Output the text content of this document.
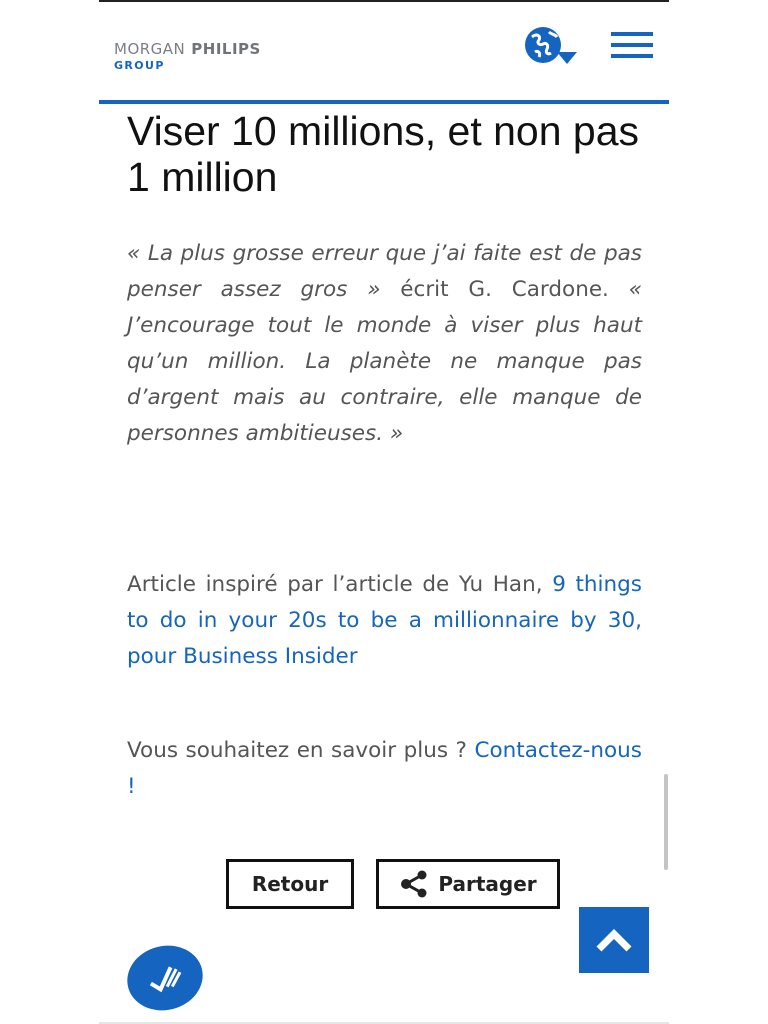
MORGAN PHILIPS
GROUP
Viser 10 millions, et non pas 1 million

« La plus grosse erreur que j’ai faite est de pas penser assez gros » écrit G. Cardone. « J’encourage tout le monde à viser plus haut qu’un million. La planète ne manque pas d’argent mais au contraire, elle manque de personnes ambitieuses. »

Article inspiré par l’article de Yu Han, 9 things to do in your 20s to be a millionnaire by 30, pour Business Insider

Vous souhaitez en savoir plus ? Contactez-nous !

Retour	Partager
